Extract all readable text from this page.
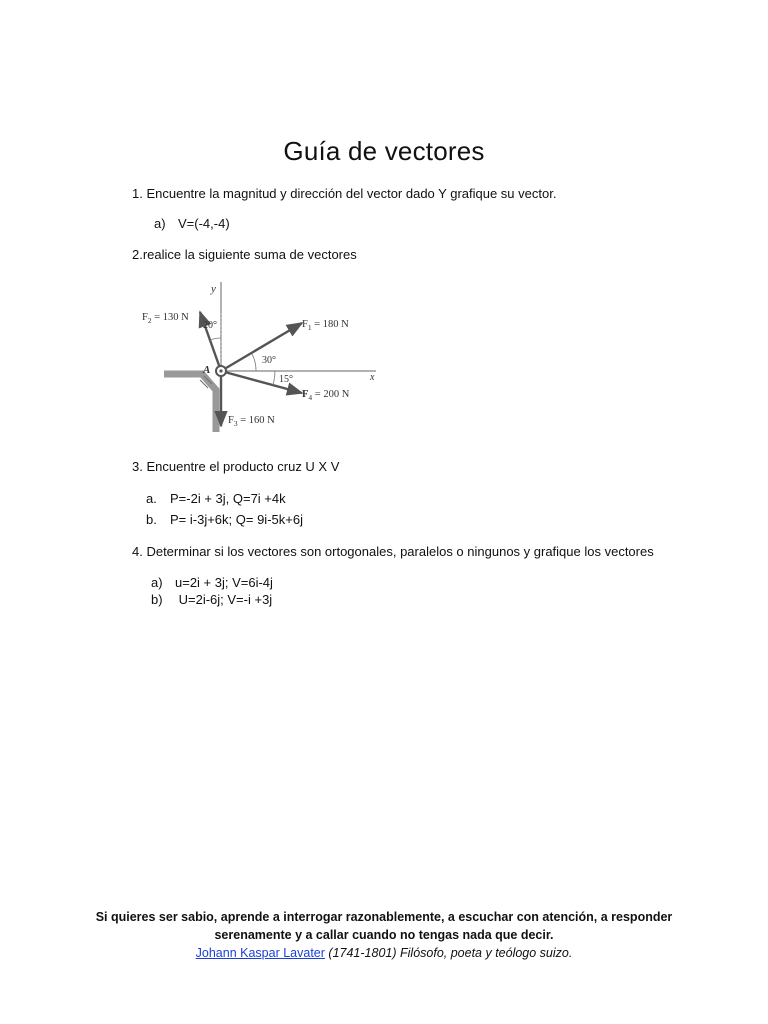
Guía de vectores
1. Encuentre la magnitud y dirección del vector dado Y grafique su vector.
a) V=(-4,-4)
2.realice la siguiente suma de vectores
y
x
A
20°
30°
15°
$F_1 = 180$ N
$F_2 = 130$ N
$F_3 = 160$ N
$F_4 = 200$ N
3. Encuentre el producto cruz U X V
a. P=-2i + 3j, Q=7i +4k
b. P= i-3j+6k; Q= 9i-5k+6j
4. Determinar si los vectores son ortogonales, paralelos o ningunos y grafique los vectores
a) u=2i + 3j; V=6i-4j
b) U=2i-6j; V=-i +3j
Si quieres ser sabio, aprende a interrogar razonablemente, a escuchar con atención, a responder
serenamente y a callar cuando no tengas nada que decir.
Johann Kaspar Lavater (1741-1801) Filósofo, poeta y teólogo suizo.
